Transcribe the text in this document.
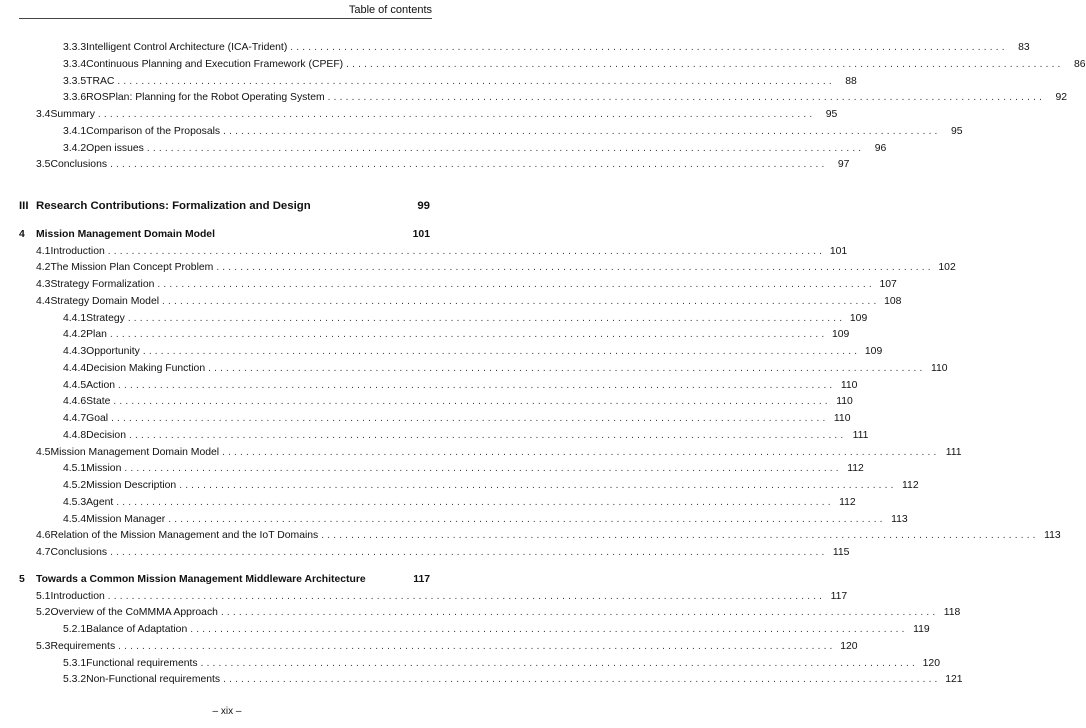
Table of contents
3.3.3 Intelligent Control Architecture (ICA-Trident) ........................................................................................................................	83
3.3.4 Continuous Planning and Execution Framework (CPEF) ........................................................................................................................	86
3.3.5 TRAC ........................................................................................................................	88
3.3.6 ROSPlan: Planning for the Robot Operating System ........................................................................................................................	92
3.4 Summary ........................................................................................................................	95
3.4.1 Comparison of the Proposals ........................................................................................................................	95
3.4.2 Open issues ........................................................................................................................	96
3.5 Conclusions ........................................................................................................................	97
III Research Contributions: Formalization and Design	99
4	Mission Management Domain Model	101
4.1 Introduction ........................................................................................................................ 101
4.2 The Mission Plan Concept Problem ........................................................................................................................ 102
4.3 Strategy Formalization ........................................................................................................................ 107
4.4 Strategy Domain Model ........................................................................................................................ 108
4.4.1 Strategy ........................................................................................................................ 109
4.4.2 Plan ........................................................................................................................ 109
4.4.3 Opportunity ........................................................................................................................ 109
4.4.4 Decision Making Function ........................................................................................................................ 110
4.4.5 Action ........................................................................................................................ 110
4.4.6 State ........................................................................................................................ 110
4.4.7 Goal ........................................................................................................................ 110
4.4.8 Decision ........................................................................................................................ 111
4.5 Mission Management Domain Model ........................................................................................................................ 111
4.5.1 Mission ........................................................................................................................ 112
4.5.2 Mission Description ........................................................................................................................ 112
4.5.3 Agent ........................................................................................................................ 112
4.5.4 Mission Manager ........................................................................................................................ 113
4.6 Relation of the Mission Management and the IoT Domains ........................................................................................................................ 113
4.7 Conclusions ........................................................................................................................ 115
5	Towards a Common Mission Management Middleware Architecture	117
5.1 Introduction ........................................................................................................................ 117
5.2 Overview of the CoMMMA Approach ........................................................................................................................ 118
5.2.1 Balance of Adaptation ........................................................................................................................ 119
5.3 Requirements ........................................................................................................................ 120
5.3.1 Functional requirements ........................................................................................................................ 120
5.3.2 Non-Functional requirements ........................................................................................................................ 121
– xix –
